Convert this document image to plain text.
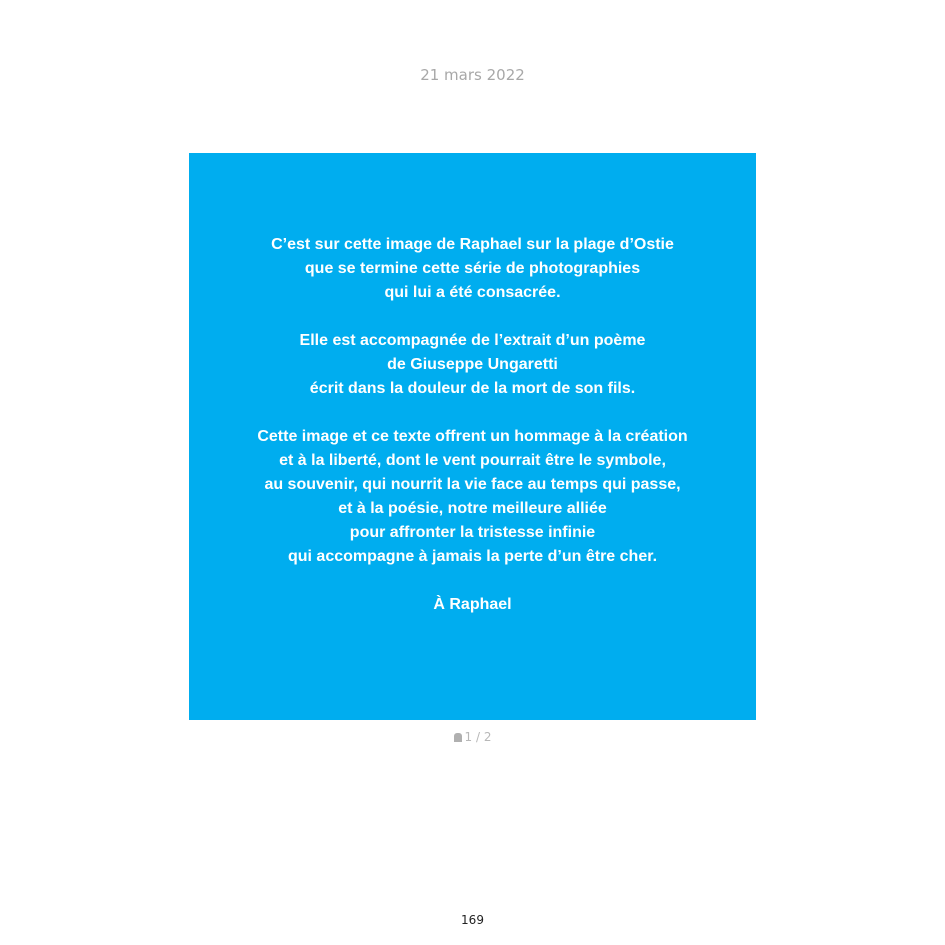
21 mars 2022

C’est sur cette image de Raphael sur la plage d’Ostie
que se termine cette série de photographies
qui lui a été consacrée.

Elle est accompagnée de l’extrait d’un poème
de Giuseppe Ungaretti
écrit dans la douleur de la mort de son fils.

Cette image et ce texte offrent un hommage à la création
et à la liberté, dont le vent pourrait être le symbole,
au souvenir, qui nourrit la vie face au temps qui passe,
et à la poésie, notre meilleure alliée
pour affronter la tristesse infinie
qui accompagne à jamais la perte d’un être cher.

À Raphael

1 / 2
169
